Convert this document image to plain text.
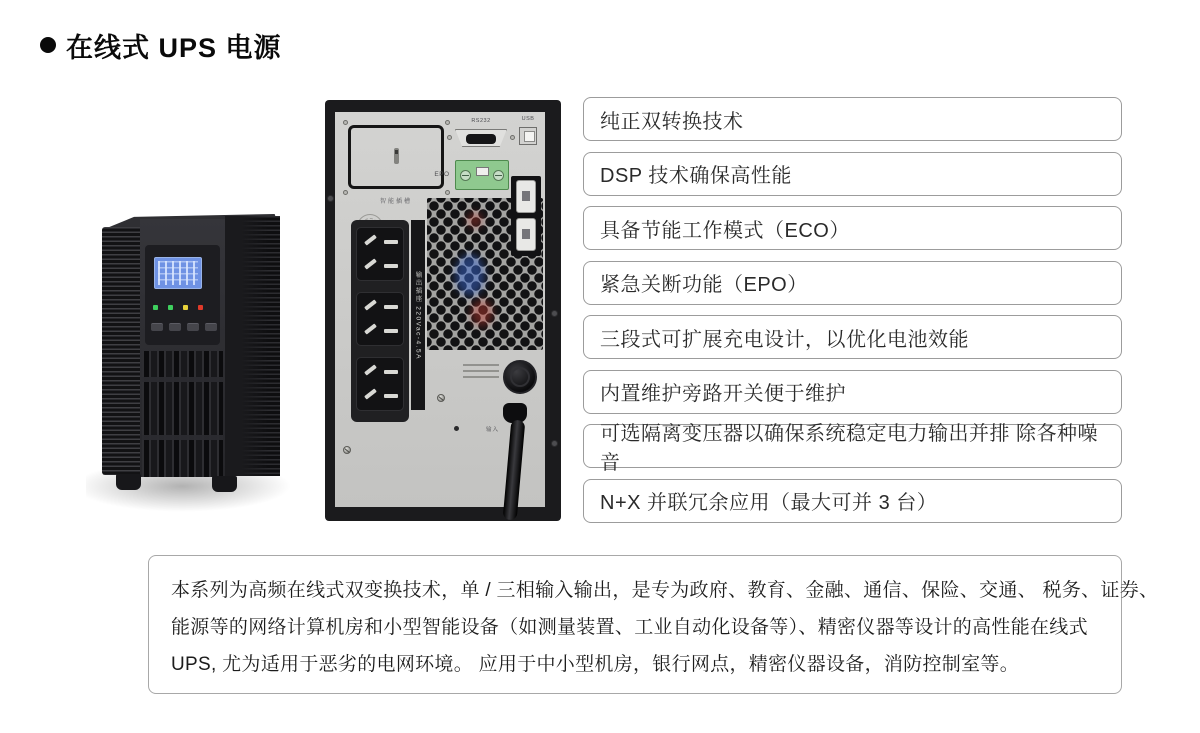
在线式 UPS 电源
智能插槽
RS232	USB
EPO
输出插座 220Vac-4.5A
输入
纯正双转换技术
DSP 技术确保高性能
具备节能工作模式（ECO）
紧急关断功能（EPO）
三段式可扩展充电设计，以优化电池效能
内置维护旁路开关便于维护
可选隔离变压器以确保系统稳定电力输出并排 除各种噪音
N+X 并联冗余应用（最大可并 3 台）
本系列为高频在线式双变换技术，单 / 三相输入输出，是专为政府、教育、金融、通信、保险、交通、 税务、证券、
能源等的网络计算机房和小型智能设备（如测量装置、工业自动化设备等）、精密仪器等设计的高性能在线式
UPS, 尤为适用于恶劣的电网环境。 应用于中小型机房，银行网点，精密仪器设备，消防控制室等。
